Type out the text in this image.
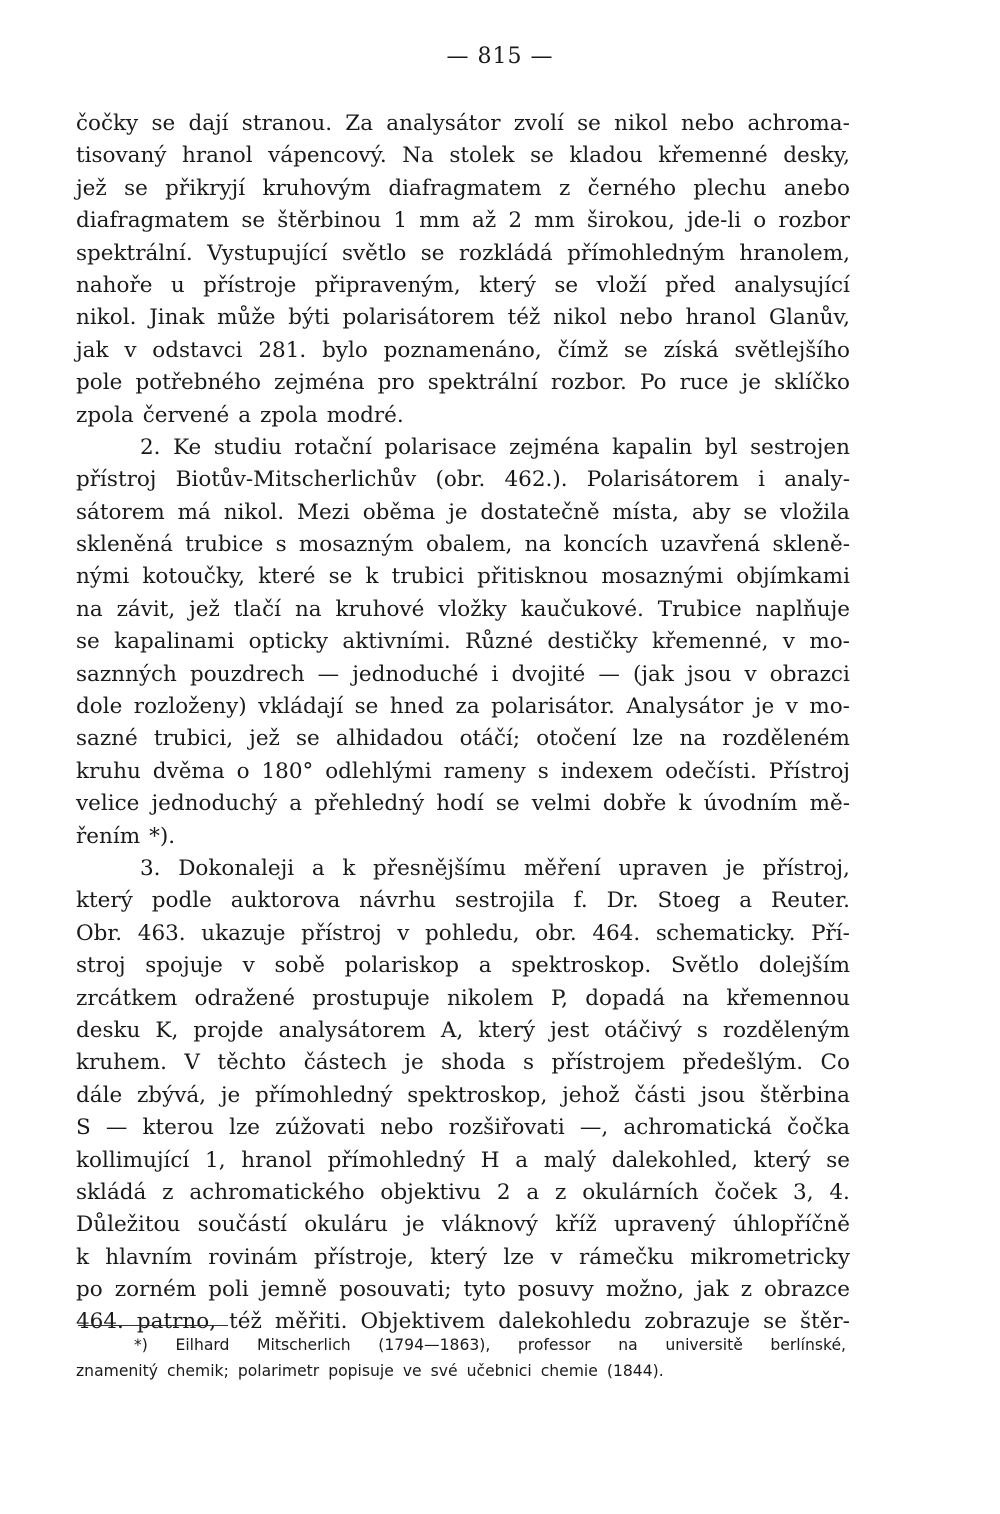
— 815 —
čočky se dají stranou. Za analysátor zvolí se nikol nebo achroma-
tisovaný hranol vápencový. Na stolek se kladou křemenné desky,
jež se přikryjí kruhovým diafragmatem z černého plechu anebo
diafragmatem se štěrbinou 1 mm až 2 mm širokou, jde-li o rozbor
spektrální. Vystupující světlo se rozkládá přímohledným hranolem,
nahoře u přístroje připraveným, který se vloží před analysující
nikol. Jinak může býti polarisátorem též nikol nebo hranol Glanův,
jak v odstavci 281. bylo poznamenáno, čímž se získá světlejšího
pole potřebného zejména pro spektrální rozbor. Po ruce je sklíčko
zpola červené a zpola modré.
2. Ke studiu rotační polarisace zejména kapalin byl sestrojen
přístroj Biotův-Mitscherlichův (obr. 462.). Polarisátorem i analy-
sátorem má nikol. Mezi oběma je dostatečně místa, aby se vložila
skleněná trubice s mosazným obalem, na koncích uzavřená skleně-
nými kotoučky, které se k trubici přitisknou mosaznými objímkami
na závit, jež tlačí na kruhové vložky kaučukové. Trubice naplňuje
se kapalinami opticky aktivními. Různé destičky křemenné, v mo-
saznných pouzdrech — jednoduché i dvojité — (jak jsou v obrazci
dole rozloženy) vkládají se hned za polarisátor. Analysátor je v mo-
sazné trubici, jež se alhidadou otáčí; otočení lze na rozděleném
kruhu dvěma o 180° odlehlými rameny s indexem odečísti. Přístroj
velice jednoduchý a přehledný hodí se velmi dobře k úvodním mě-
řením *).
3. Dokonaleji a k přesnějšímu měření upraven je přístroj,
který podle auktorova návrhu sestrojila f. Dr. Stoeg a Reuter.
Obr. 463. ukazuje přístroj v pohledu, obr. 464. schematicky. Pří-
stroj spojuje v sobě polariskop a spektroskop. Světlo dolejším
zrcátkem odražené prostupuje nikolem P, dopadá na křemennou
desku K, projde analysátorem A, který jest otáčivý s rozděleným
kruhem. V těchto částech je shoda s přístrojem předešlým. Co
dále zbývá, je přímohledný spektroskop, jehož části jsou štěrbina
S — kterou lze zúžovati nebo rozšiřovati —, achromatická čočka
kollimující 1, hranol přímohledný H a malý dalekohled, který se
skládá z achromatického objektivu 2 a z okulárních čoček 3, 4.
Důležitou součástí okuláru je vláknový kříž upravený úhlopříčně
k hlavním rovinám přístroje, který lze v rámečku mikrometricky
po zorném poli jemně posouvati; tyto posuvy možno, jak z obrazce
464. patrno, též měřiti. Objektivem dalekohledu zobrazuje se štěr-
*) Eilhard Mitscherlich (1794—1863), professor na universitě berlínské,
znamenitý chemik; polarimetr popisuje ve své učebnici chemie (1844).
